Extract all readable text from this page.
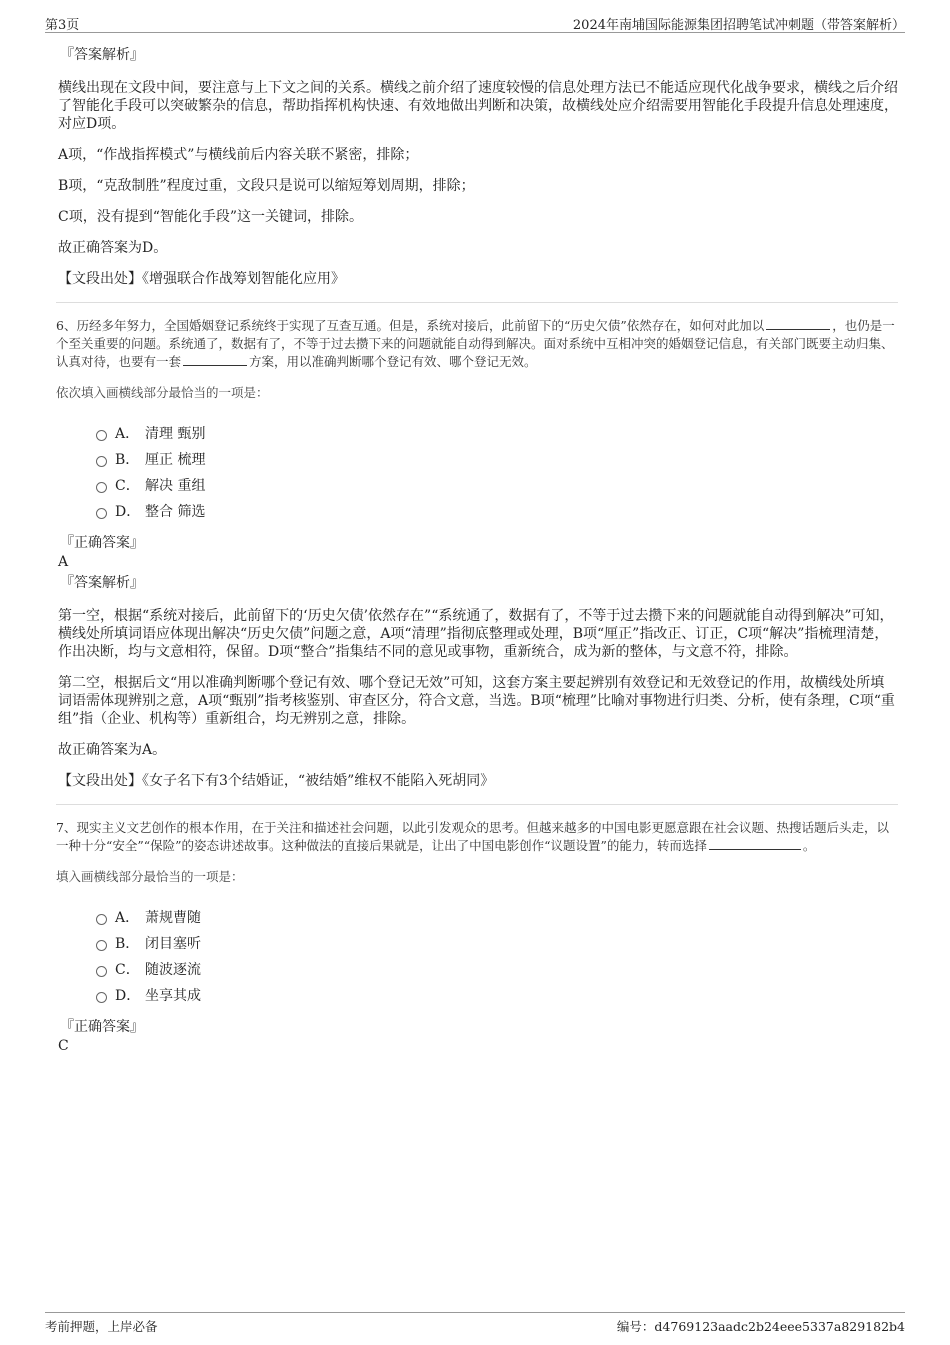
第3页	2024年南埔国际能源集团招聘笔试冲刺题（带答案解析）
『答案解析』

横线出现在文段中间，要注意与上下文之间的关系。横线之前介绍了速度较慢的信息处理方法已不能适应现代化战争要求，横线之后介绍了智能化手段可以突破繁杂的信息，帮助指挥机构快速、有效地做出判断和决策，故横线处应介绍需要用智能化手段提升信息处理速度，对应D项。

A项，“作战指挥模式”与横线前后内容关联不紧密，排除；

B项，“克敌制胜”程度过重，文段只是说可以缩短筹划周期，排除；

C项，没有提到“智能化手段”这一关键词，排除。

故正确答案为D。

【文段出处】《增强联合作战筹划智能化应用》

6、历经多年努力，全国婚姻登记系统终于实现了互查互通。但是，系统对接后，此前留下的“历史欠债”依然存在，如何对此加以	，也仍是一个至关重要的问题。系统通了，数据有了，不等于过去攒下来的问题就能自动得到解决。面对系统中互相冲突的婚姻登记信息，有关部门既要主动归集、认真对待，也要有一套	方案，用以准确判断哪个登记有效、哪个登记无效。

依次填入画横线部分最恰当的一项是：

A． 清理 甄别
B． 厘正 梳理
C． 解决 重组
D． 整合 筛选
『正确答案』
A
『答案解析』

第一空，根据“系统对接后，此前留下的‘历史欠债’依然存在”“系统通了，数据有了，不等于过去攒下来的问题就能自动得到解决”可知，横线处所填词语应体现出解决“历史欠债”问题之意，A项“清理”指彻底整理或处理，B项“厘正”指改正、订正，C项“解决”指梳理清楚，作出决断，均与文意相符，保留。D项“整合”指集结不同的意见或事物，重新统合，成为新的整体，与文意不符，排除。

第二空，根据后文“用以准确判断哪个登记有效、哪个登记无效”可知，这套方案主要起辨别有效登记和无效登记的作用，故横线处所填词语需体现辨别之意，A项“甄别”指考核鉴别、审查区分，符合文意，当选。B项“梳理”比喻对事物进行归类、分析，使有条理，C项“重组”指（企业、机构等）重新组合，均无辨别之意，排除。

故正确答案为A。

【文段出处】《女子名下有3个结婚证，“被结婚”维权不能陷入死胡同》

7、现实主义文艺创作的根本作用，在于关注和描述社会问题，以此引发观众的思考。但越来越多的中国电影更愿意跟在社会议题、热搜话题后头走，以一种十分“安全”“保险”的姿态讲述故事。这种做法的直接后果就是，让出了中国电影创作“议题设置”的能力，转而选择	。

填入画横线部分最恰当的一项是：

A． 萧规曹随
B． 闭目塞听
C． 随波逐流
D． 坐享其成
『正确答案』
C
考前押题，上岸必备	编号：d4769123aadc2b24eee5337a829182b4
